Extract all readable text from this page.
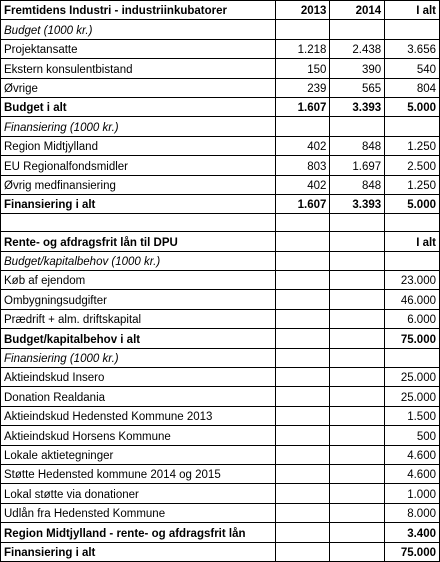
Fremtidens Industri - industriinkubatorer	2013	2014	I alt
Budget (1000 kr.)			
Projektansatte	1.218	2.438	3.656
Ekstern konsulentbistand	150	390	540
Øvrige	239	565	804
Budget i alt	1.607	3.393	5.000
Finansiering (1000 kr.)			
Region Midtjylland	402	848	1.250
EU Regionalfondsmidler	803	1.697	2.500
Øvrig medfinansiering	402	848	1.250
Finansiering i alt	1.607	3.393	5.000

Rente- og afdragsfrit lån til DPU			I alt
Budget/kapitalbehov (1000 kr.)			
Køb af ejendom			23.000
Ombygningsudgifter			46.000
Prædrift + alm. driftskapital			6.000
Budget/kapitalbehov i alt			75.000
Finansiering (1000 kr.)			
Aktieindskud Insero			25.000
Donation Realdania			25.000
Aktieindskud Hedensted Kommune 2013			1.500
Aktieindskud Horsens Kommune			500
Lokale aktietegninger			4.600
Støtte Hedensted kommune 2014 og 2015			4.600
Lokal støtte via donationer			1.000
Udlån fra Hedensted Kommune			8.000
Region Midtjylland - rente- og afdragsfrit lån			3.400
Finansiering i alt			75.000
